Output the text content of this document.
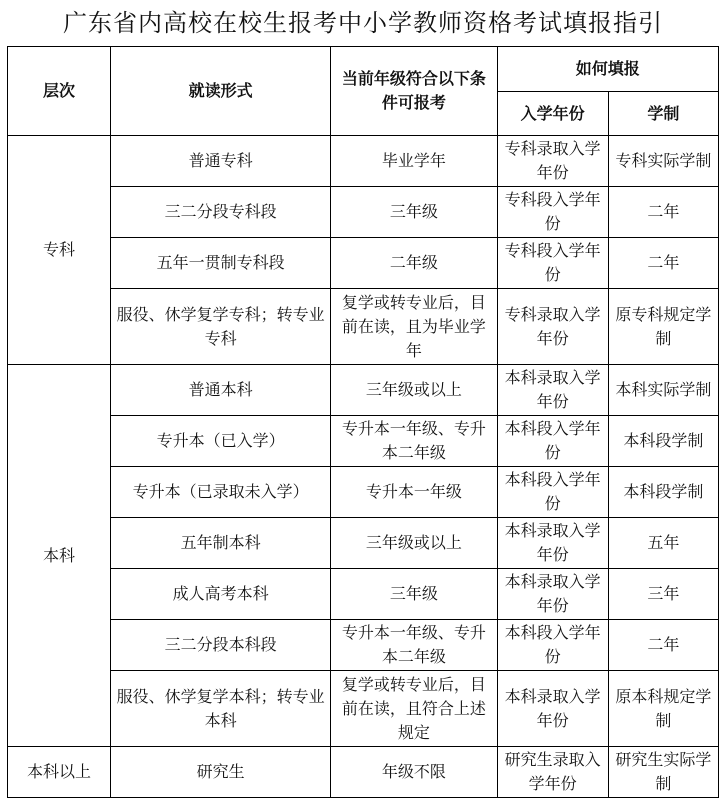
广东省内高校在校生报考中小学教师资格考试填报指引
层次	就读形式	当前年级符合以下条件可报考	如何填报	
			入学年份	学制
专科	普通专科	毕业学年	专科录取入学年份	专科实际学制
	三二分段专科段	三年级	专科段入学年份	二年
	五年一贯制专科段	二年级	专科段入学年份	二年
	服役、休学复学专科；转专业专科	复学或转专业后，目前在读，且为毕业学年	专科录取入学年份	原专科规定学制
本科	普通本科	三年级或以上	本科录取入学年份	本科实际学制
	专升本（已入学）	专升本一年级、专升本二年级	本科段入学年份	本科段学制
	专升本（已录取未入学）	专升本一年级	本科段入学年份	本科段学制
	五年制本科	三年级或以上	本科录取入学年份	五年
	成人高考本科	三年级	本科录取入学年份	三年
	三二分段本科段	专升本一年级、专升本二年级	本科段入学年份	二年
	服役、休学复学本科；转专业本科	复学或转专业后，目前在读，且符合上述规定	本科录取入学年份	原本科规定学制
本科以上	研究生	年级不限	研究生录取入学年份	研究生实际学制
